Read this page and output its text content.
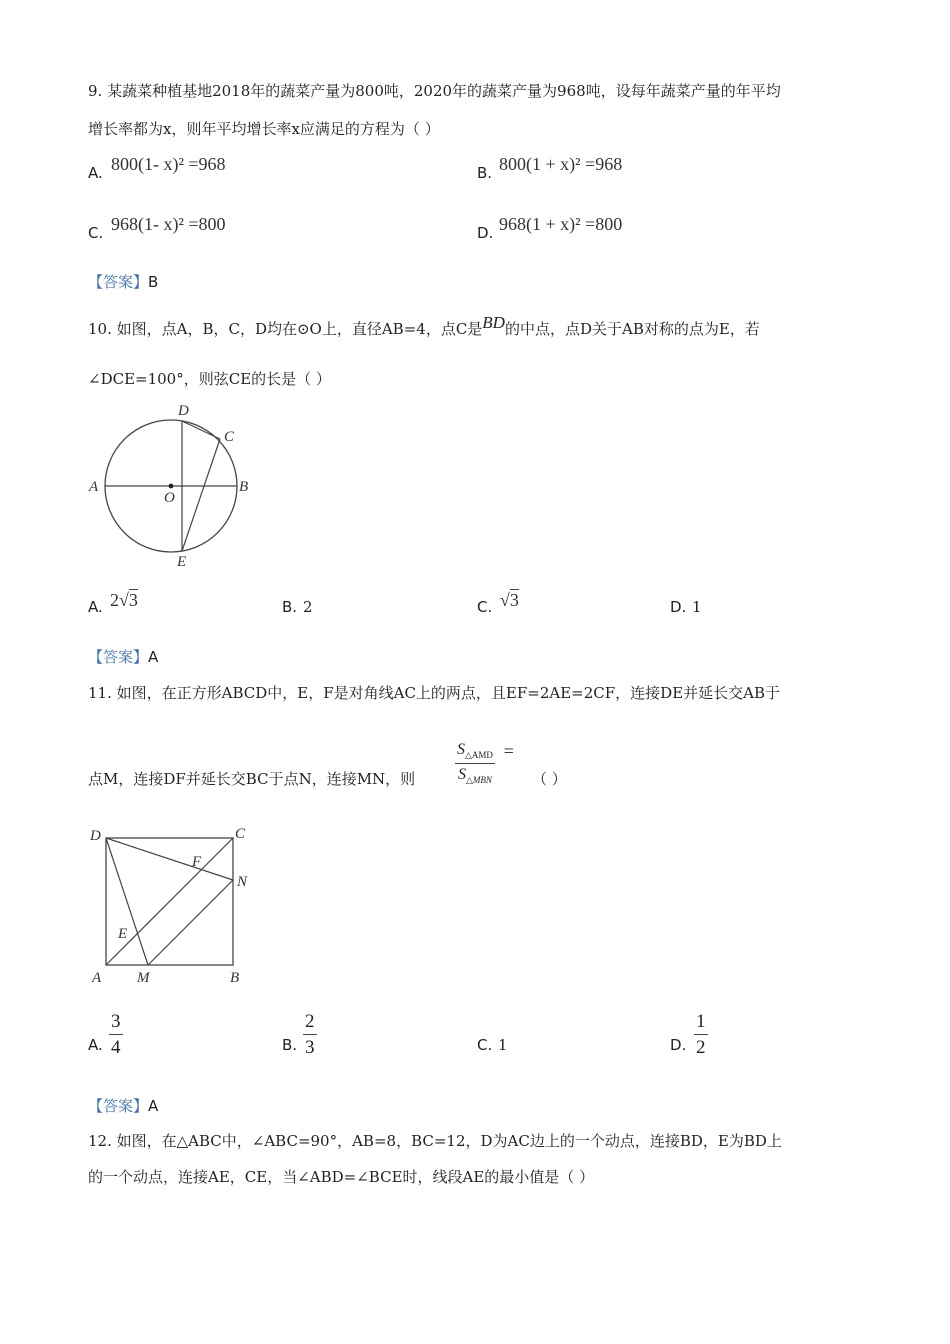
9. 某蔬菜种植基地2018年的蔬菜产量为800吨，2020年的蔬菜产量为968吨，设每年蔬菜产量的年平均
增长率都为x，则年平均增长率x应满足的方程为（ ）
A. 800(1- x)² =968	B. 800(1 + x)² =968
C. 968(1- x)² =800	D. 968(1 + x)² =800
【答案】B
10. 如图，点A，B，C，D均在⊙O上，直径AB=4，点C是BD的中点，点D关于AB对称的点为E，若
∠DCE=100°，则弦CE的长是（ ）
A	B
C
D
E
O
A. 2√3	B. 2	C. √3	D. 1
【答案】A
11. 如图，在正方形ABCD中，E，F是对角线AC上的两点，且EF=2AE=2CF，连接DE并延长交AB于
点M，连接DF并延长交BC于点N，连接MN，则 $\frac{S_{\triangle AMD}}{S_{\triangle MBN}}$ =
（ ）
D	C
N
F
E
A M	B
A. $\frac{3}{4}$	B. $\frac{2}{3}$	C. 1	D. $\frac{1}{2}$
【答案】A
12. 如图，在△ABC中，∠ABC=90°，AB=8，BC=12，D为AC边上的一个动点，连接BD，E为BD上
的一个动点，连接AE，CE，当∠ABD=∠BCE时，线段AE的最小值是（ ）
